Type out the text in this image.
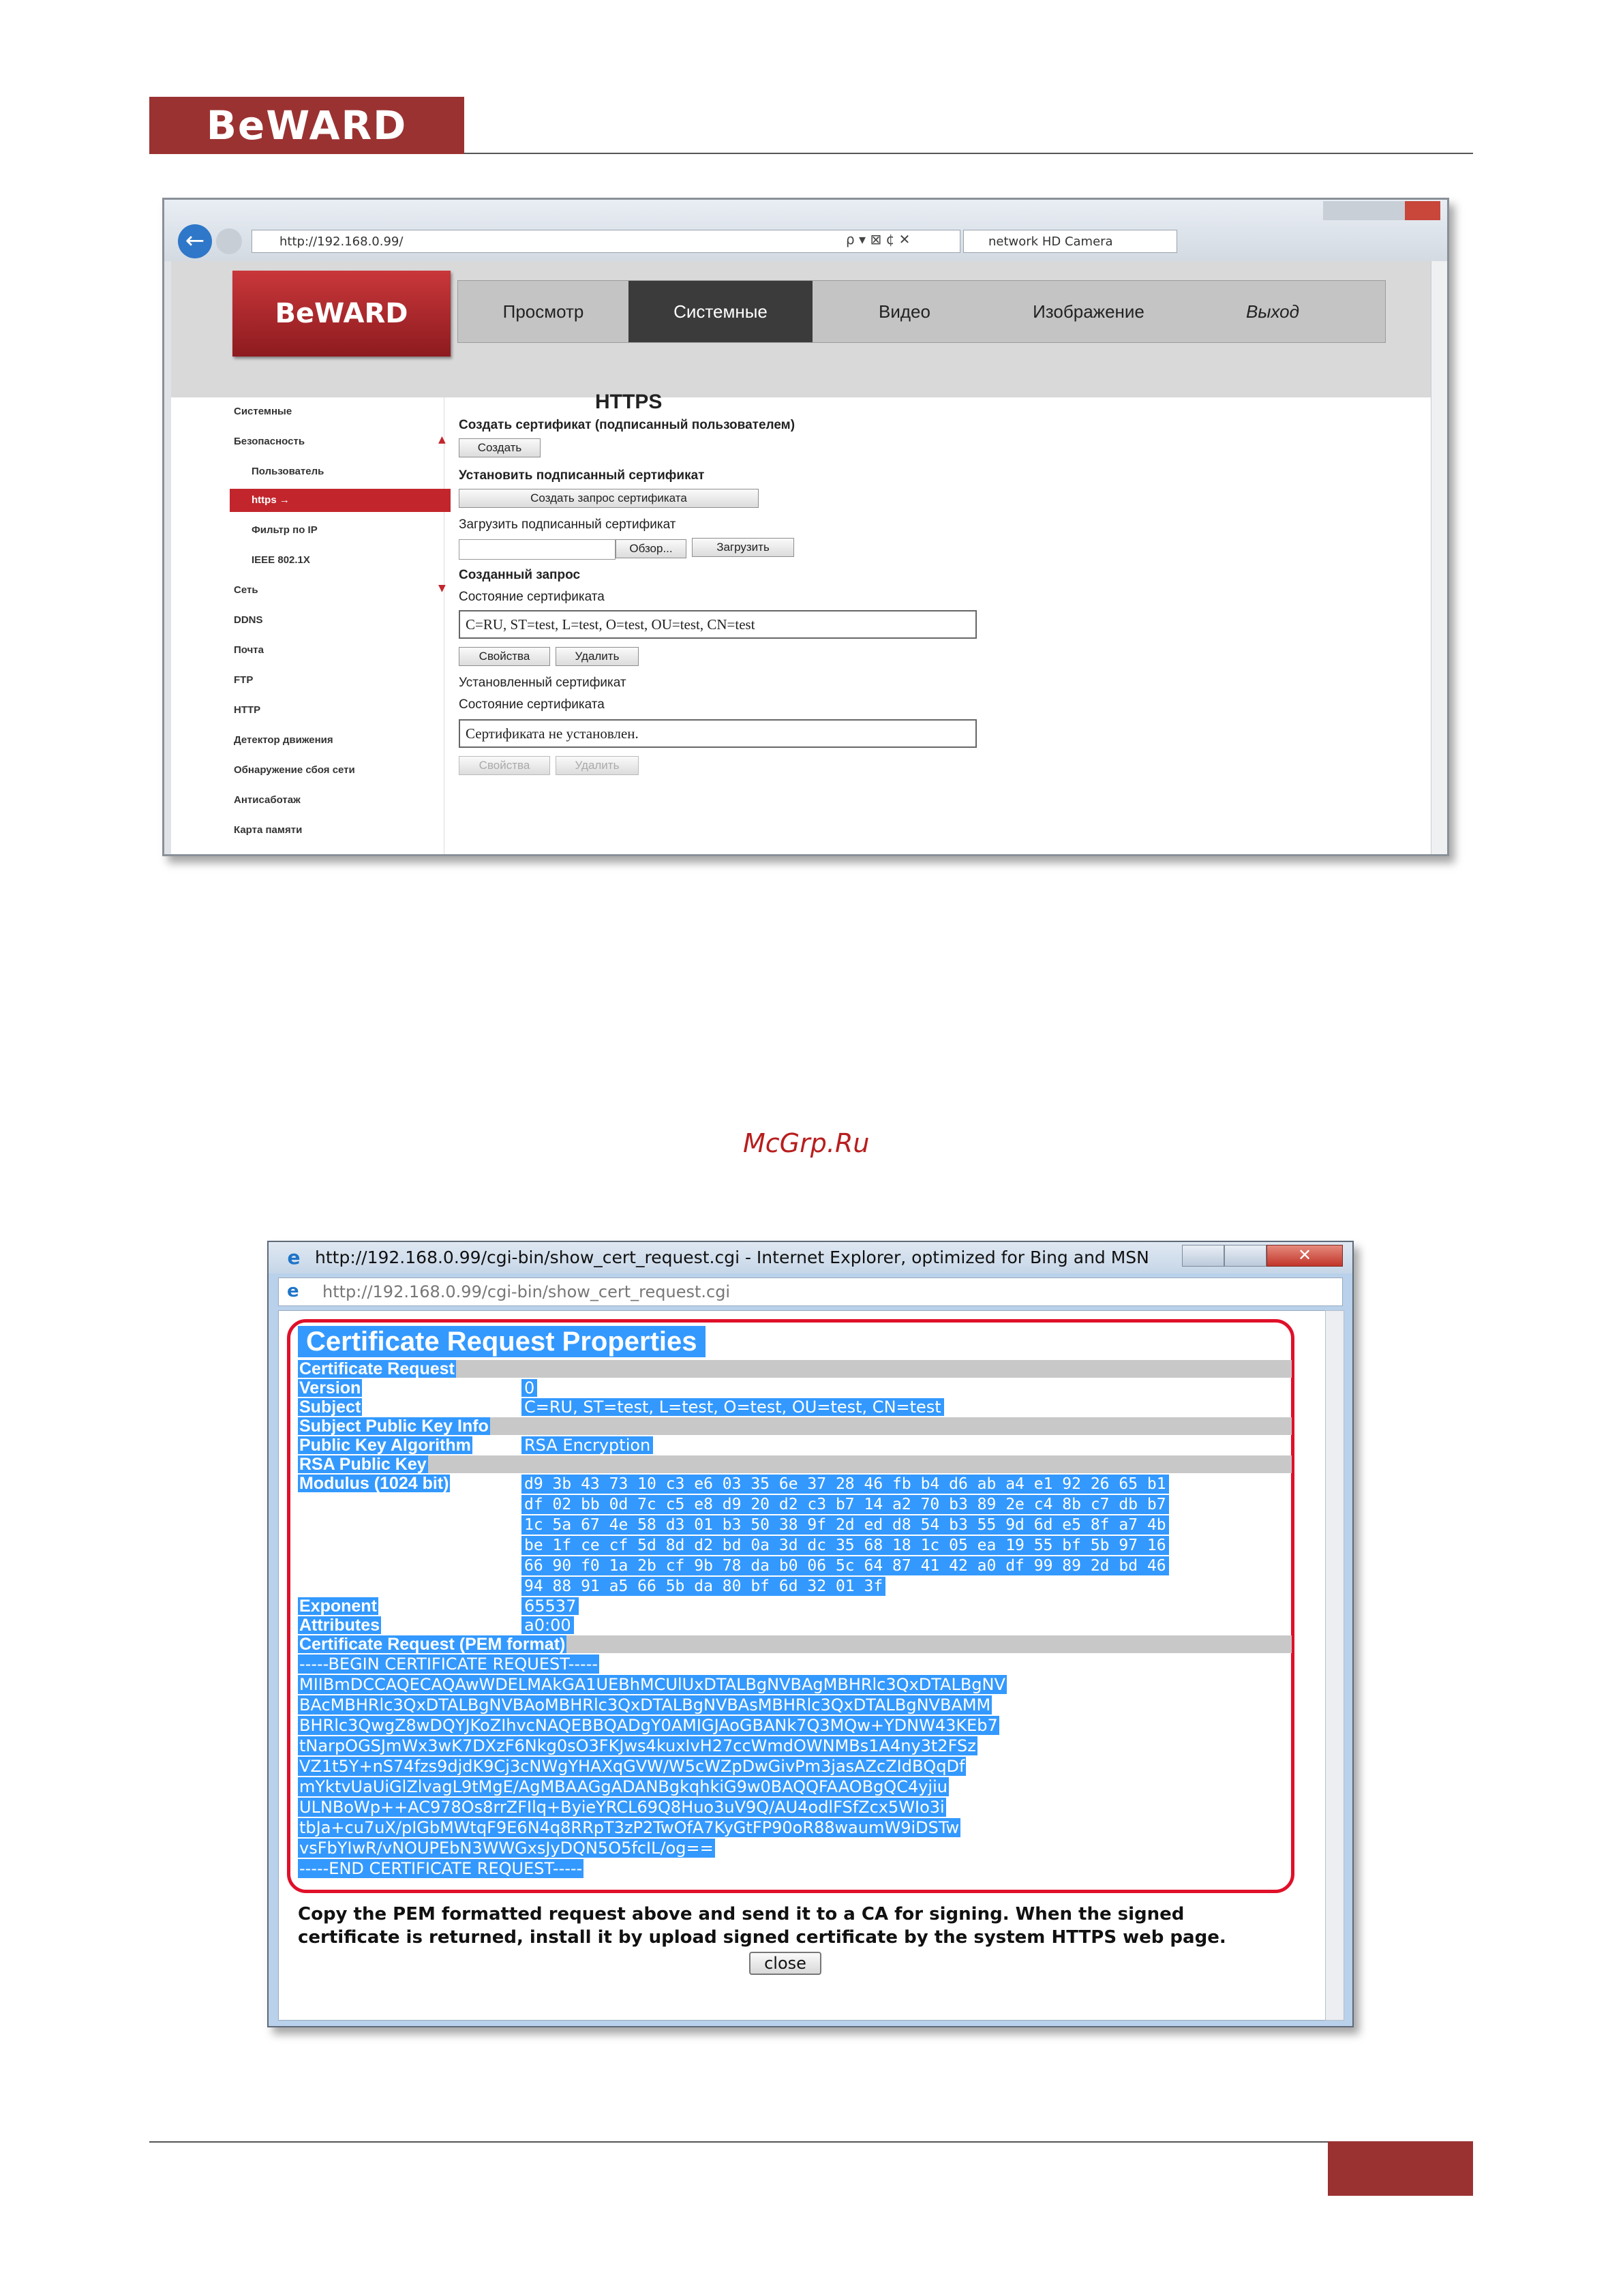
BeWARD
McGrp.Ru
←	http://192.168.0.99/	ρ ▾ ⊠ ¢ ✕	network HD Camera
BeWARD	Просмотр	Системные	Видео	Изображение	Выход
Системные
Безопасность	▲
Пользователь
https →
Фильтр по IP
IEEE 802.1X
Сеть	▼
DDNS
Почта
FTP
HTTP
Детектор движения
Обнаружение сбоя сети
Антисаботаж
Карта памяти
HTTPS
Создать сертификат (подписанный пользователем)
Создать
Установить подписанный сертификат
Создать запрос сертификата
Загрузить подписанный сертификат
Обзор...	Загрузить
Созданный запрос
Состояние сертификата
C=RU, ST=test, L=test, O=test, OU=test, CN=test
Свойства	Удалить
Установленный сертификат
Состояние сертификата
Сертификата не установлен.
Свойства	Удалить
e http://192.168.0.99/cgi-bin/show_cert_request.cgi - Internet Explorer, optimized for Bing and MSN	✕
e http://192.168.0.99/cgi-bin/show_cert_request.cgi
Certificate Request Properties
Certificate Request
Version	0
Subject	C=RU, ST=test, L=test, O=test, OU=test, CN=test
Subject Public Key Info
Public Key Algorithm	RSA Encryption
RSA Public Key
Modulus (1024 bit)	d9 3b 43 73 10 c3 e6 03 35 6e 37 28 46 fb b4 d6 ab a4 e1 92 26 65 b1
df 02 bb 0d 7c c5 e8 d9 20 d2 c3 b7 14 a2 70 b3 89 2e c4 8b c7 db b7
1c 5a 67 4e 58 d3 01 b3 50 38 9f 2d ed d8 54 b3 55 9d 6d e5 8f a7 4b
be 1f ce cf 5d 8d d2 bd 0a 3d dc 35 68 18 1c 05 ea 19 55 bf 5b 97 16
66 90 f0 1a 2b cf 9b 78 da b0 06 5c 64 87 41 42 a0 df 99 89 2d bd 46
94 88 91 a5 66 5b da 80 bf 6d 32 01 3f
Exponent	65537
Attributes	a0:00
Certificate Request (PEM format)
-----BEGIN CERTIFICATE REQUEST-----
MIIBmDCCAQECAQAwWDELMAkGA1UEBhMCUlUxDTALBgNVBAgMBHRlc3QxDTALBgNV
BAcMBHRlc3QxDTALBgNVBAoMBHRlc3QxDTALBgNVBAsMBHRlc3QxDTALBgNVBAMM
BHRlc3QwgZ8wDQYJKoZIhvcNAQEBBQADgY0AMIGJAoGBANk7Q3MQw+YDNW43KEb7
tNarpOGSJmWx3wK7DXzF6Nkg0sO3FKJws4kuxIvH27ccWmdOWNMBs1A4ny3t2FSz
VZ1t5Y+nS74fzs9djdK9Cj3cNWgYHAXqGVW/W5cWZpDwGivPm3jasAZcZIdBQqDf
mYktvUaUiGlZlvagL9tMgE/AgMBAAGgADANBgkqhkiG9w0BAQQFAAOBgQC4yjiu
ULNBoWp++AC978Os8rrZFIlq+ByieYRCL69Q8Huo3uV9Q/AU4odlFSfZcx5WIo3i
tbJa+cu7uX/pIGbMWtqF9E6N4q8RRpT3zP2TwOfA7KyGtFP90oR88waumW9iDSTw
vsFbYIwR/vNOUPEbN3WWGxsJyDQN5O5fcIL/og==
-----END CERTIFICATE REQUEST-----
Copy the PEM formatted request above and send it to a CA for signing. When the signed
certificate is returned, install it by upload signed certificate by the system HTTPS web page.
close
